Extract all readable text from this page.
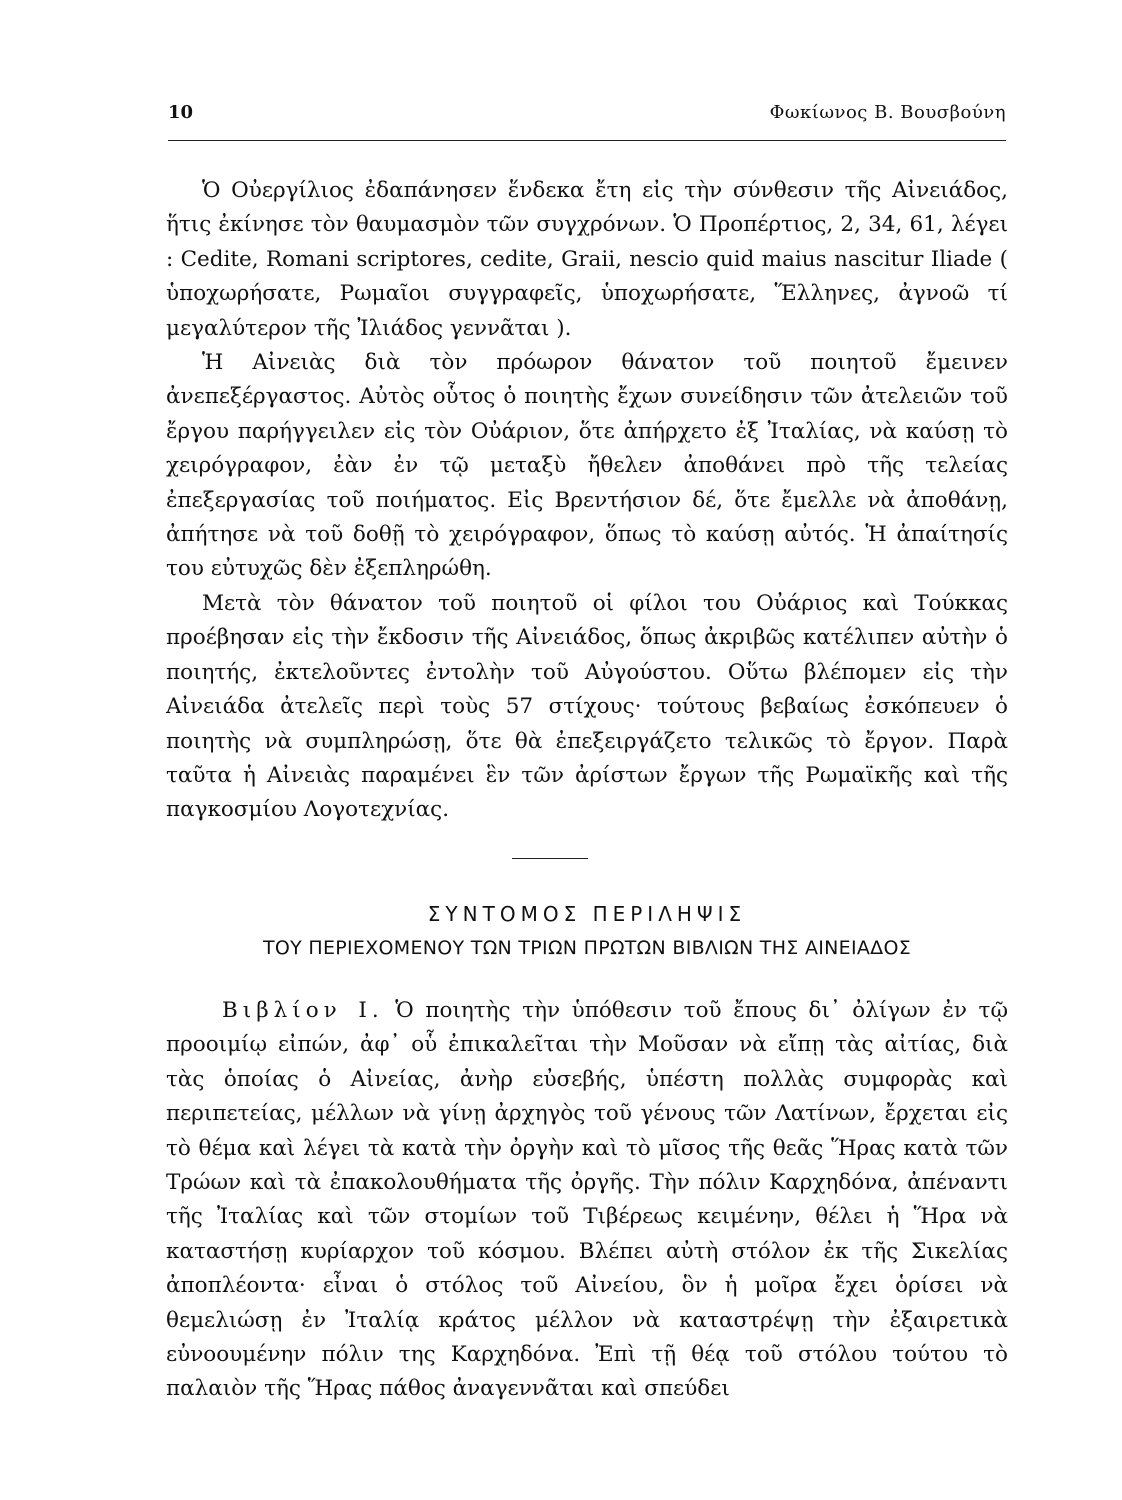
10	Φωκίωνος Β. Βουσβούνη

Ὁ Οὐεργίλιος ἐδαπάνησεν ἕνδεκα ἔτη εἰς τὴν σύνθεσιν τῆς Αἰνειάδος, ἥτις ἐκίνησε τὸν θαυμασμὸν τῶν συγχρόνων. Ὁ Προπέρτιος, 2, 34, 61, λέγει : Cedite, Romani scriptores, cedite, Graii, nescio quid maius nascitur Iliade ( ὑποχωρήσατε, Ρωμαῖοι συγγραφεῖς, ὑποχωρήσατε, Ἕλληνες, ἀγνοῶ τί μεγαλύτερον τῆς Ἰλιάδος γεννᾶται ).

Ἡ Αἰνειὰς διὰ τὸν πρόωρον θάνατον τοῦ ποιητοῦ ἔμεινεν ἀνεπεξέργαστος. Αὐτὸς οὗτος ὁ ποιητὴς ἔχων συνείδησιν τῶν ἀτελειῶν τοῦ ἔργου παρήγγειλεν εἰς τὸν Οὐάριον, ὅτε ἀπήρχετο ἐξ Ἰταλίας, νὰ καύσῃ τὸ χειρόγραφον, ἐὰν ἐν τῷ μεταξὺ ἤθελεν ἀποθάνει πρὸ τῆς τελείας ἐπεξεργασίας τοῦ ποιήματος. Εἰς Βρεντήσιον δέ, ὅτε ἔμελλε νὰ ἀποθάνῃ, ἀπήτησε νὰ τοῦ δοθῇ τὸ χειρόγραφον, ὅπως τὸ καύσῃ αὐτός. Ἡ ἀπαίτησίς του εὐτυχῶς δὲν ἐξεπληρώθη.

Μετὰ τὸν θάνατον τοῦ ποιητοῦ οἱ φίλοι του Οὐάριος καὶ Τούκκας προέβησαν εἰς τὴν ἔκδοσιν τῆς Αἰνειάδος, ὅπως ἀκριβῶς κατέλιπεν αὐτὴν ὁ ποιητής, ἐκτελοῦντες ἐντολὴν τοῦ Αὐγούστου. Οὕτω βλέπομεν εἰς τὴν Αἰνειάδα ἀτελεῖς περὶ τοὺς 57 στίχους· τούτους βεβαίως ἐσκόπευεν ὁ ποιητὴς νὰ συμπληρώσῃ, ὅτε θὰ ἐπεξειργάζετο τελικῶς τὸ ἔργον. Παρὰ ταῦτα ἡ Αἰνειὰς παραμένει ἓν τῶν ἀρίστων ἔργων τῆς Ρωμαϊκῆς καὶ τῆς παγκοσμίου Λογοτεχνίας.

ΣΥΝΤΟΜΟΣ ΠΕΡΙΛΗΨΙΣ
ΤΟΥ ΠΕΡΙΕΧΟΜΕΝΟΥ ΤΩΝ ΤΡΙΩΝ ΠΡΩΤΩΝ ΒΙΒΛΙΩΝ ΤΗΣ ΑΙΝΕΙΑΔΟΣ

Βιβλίον Ι. Ὁ ποιητὴς τὴν ὑπόθεσιν τοῦ ἔπους δι᾽ ὀλίγων ἐν τῷ προοιμίῳ εἰπών, ἀφ᾽ οὗ ἐπικαλεῖται τὴν Μοῦσαν νὰ εἴπῃ τὰς αἰτίας, διὰ τὰς ὁποίας ὁ Αἰνείας, ἀνὴρ εὐσεβής, ὑπέστη πολλὰς συμφορὰς καὶ περιπετείας, μέλλων νὰ γίνῃ ἀρχηγὸς τοῦ γένους τῶν Λατίνων, ἔρχεται εἰς τὸ θέμα καὶ λέγει τὰ κατὰ τὴν ὀργὴν καὶ τὸ μῖσος τῆς θεᾶς Ἥρας κατὰ τῶν Τρώων καὶ τὰ ἐπακολουθήματα τῆς ὀργῆς. Τὴν πόλιν Καρχηδόνα, ἀπέναντι τῆς Ἰταλίας καὶ τῶν στομίων τοῦ Τιβέρεως κειμένην, θέλει ἡ Ἥρα νὰ καταστήσῃ κυρίαρχον τοῦ κόσμου. Βλέπει αὐτὴ στόλον ἐκ τῆς Σικελίας ἀποπλέοντα· εἶναι ὁ στόλος τοῦ Αἰνείου, ὃν ἡ μοῖρα ἔχει ὁρίσει νὰ θεμελιώσῃ ἐν Ἰταλίᾳ κράτος μέλλον νὰ καταστρέψῃ τὴν ἐξαιρετικὰ εὐνοουμένην πόλιν της Καρχηδόνα. Ἐπὶ τῇ θέᾳ τοῦ στόλου τούτου τὸ παλαιὸν τῆς Ἥρας πάθος ἀναγεννᾶται καὶ σπεύδει
